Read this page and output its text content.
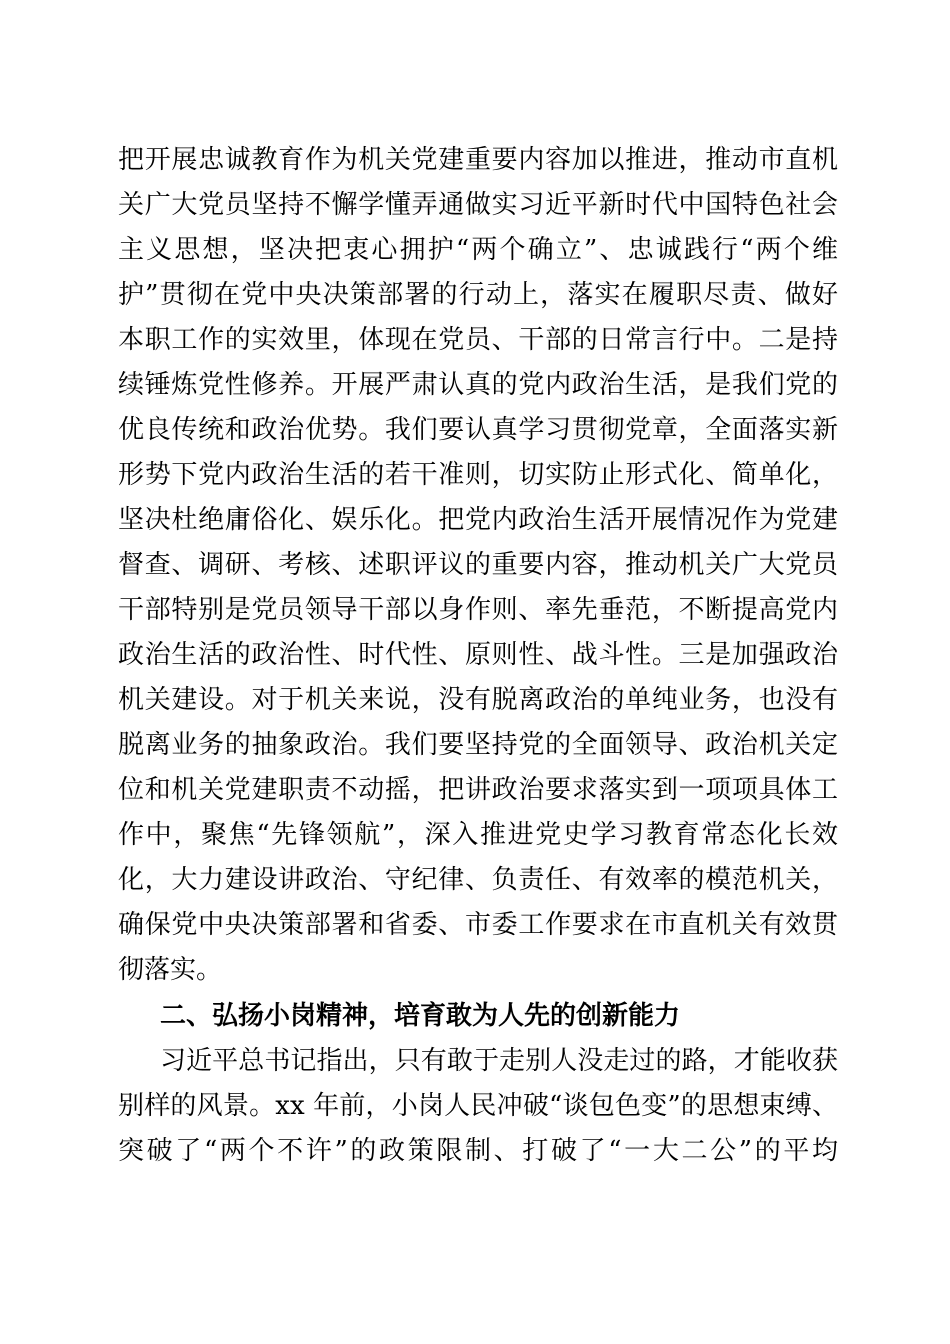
把开展忠诚教育作为机关党建重要内容加以推进，推动市直机
关广大党员坚持不懈学懂弄通做实习近平新时代中国特色社会
主义思想，坚决把衷心拥护“两个确立”、忠诚践行“两个维
护”贯彻在党中央决策部署的行动上，落实在履职尽责、做好
本职工作的实效里，体现在党员、干部的日常言行中。二是持
续锤炼党性修养。开展严肃认真的党内政治生活，是我们党的
优良传统和政治优势。我们要认真学习贯彻党章，全面落实新
形势下党内政治生活的若干准则，切实防止形式化、简单化，
坚决杜绝庸俗化、娱乐化。把党内政治生活开展情况作为党建
督查、调研、考核、述职评议的重要内容，推动机关广大党员
干部特别是党员领导干部以身作则、率先垂范，不断提高党内
政治生活的政治性、时代性、原则性、战斗性。三是加强政治
机关建设。对于机关来说，没有脱离政治的单纯业务，也没有
脱离业务的抽象政治。我们要坚持党的全面领导、政治机关定
位和机关党建职责不动摇，把讲政治要求落实到一项项具体工
作中，聚焦“先锋领航”，深入推进党史学习教育常态化长效
化，大力建设讲政治、守纪律、负责任、有效率的模范机关，
确保党中央决策部署和省委、市委工作要求在市直机关有效贯
彻落实。
二、弘扬小岗精神，培育敢为人先的创新能力
习近平总书记指出，只有敢于走别人没走过的路，才能收获
别样的风景。xx 年前，小岗人民冲破“谈包色变”的思想束缚、
突破了“两个不许”的政策限制、打破了“一大二公”的平均
